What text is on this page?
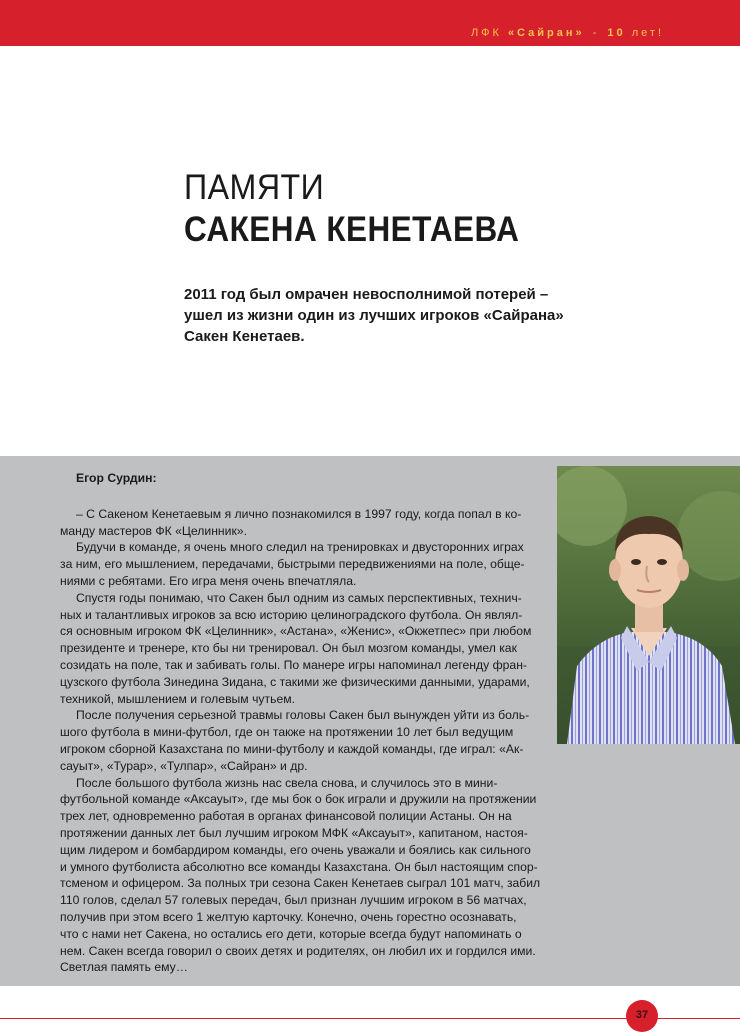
ЛФК «Сайран» - 10 лет!
ПАМЯТИ
САКЕНА КЕНЕТАЕВА
2011 год был омрачен невосполнимой потерей –
ушел из жизни один из лучших игроков «Сайрана»
Сакен Кенетаев.
Егор Сурдин:
– С Сакеном Кенетаевым я лично познакомился в 1997 году, когда попал в ко-
манду мастеров ФК «Целинник».
Будучи в команде, я очень много следил на тренировках и двусторонних играх
за ним, его мышлением, передачами, быстрыми передвижениями на поле, обще-
ниями с ребятами. Его игра меня очень впечатляла.
Спустя годы понимаю, что Сакен был одним из самых перспективных, технич-
ных и талантливых игроков за всю историю целиноградского футбола. Он являл-
ся основным игроком ФК «Целинник», «Астана», «Женис», «Окжетпес» при любом
президенте и тренере, кто бы ни тренировал. Он был мозгом команды, умел как
созидать на поле, так и забивать голы. По манере игры напоминал легенду фран-
цузского футбола Зинедина Зидана, с такими же физическими данными, ударами,
техникой, мышлением и голевым чутьем.
После получения серьезной травмы головы Сакен был вынужден уйти из боль-
шого футбола в мини-футбол, где он также на протяжении 10 лет был ведущим
игроком сборной Казахстана по мини-футболу и каждой команды, где играл: «Ак-
сауыт», «Турар», «Тулпар», «Сайран» и др.
После большого футбола жизнь нас свела снова, и случилось это в мини-
футбольной команде «Аксауыт», где мы бок о бок играли и дружили на протяжении
трех лет, одновременно работая в органах финансовой полиции Астаны. Он на
протяжении данных лет был лучшим игроком МФК «Аксауыт», капитаном, настоя-
щим лидером и бомбардиром команды, его очень уважали и боялись как сильного
и умного футболиста абсолютно все команды Казахстана. Он был настоящим спор-
тсменом и офицером. За полных три сезона Сакен Кенетаев сыграл 101 матч, забил
110 голов, сделал 57 голевых передач, был признан лучшим игроком в 56 матчах,
получив при этом всего 1 желтую карточку. Конечно, очень горестно осознавать,
что с нами нет Сакена, но остались его дети, которые всегда будут напоминать о
нем. Сакен всегда говорил о своих детях и родителях, он любил их и гордился ими.
Светлая память ему…
37
